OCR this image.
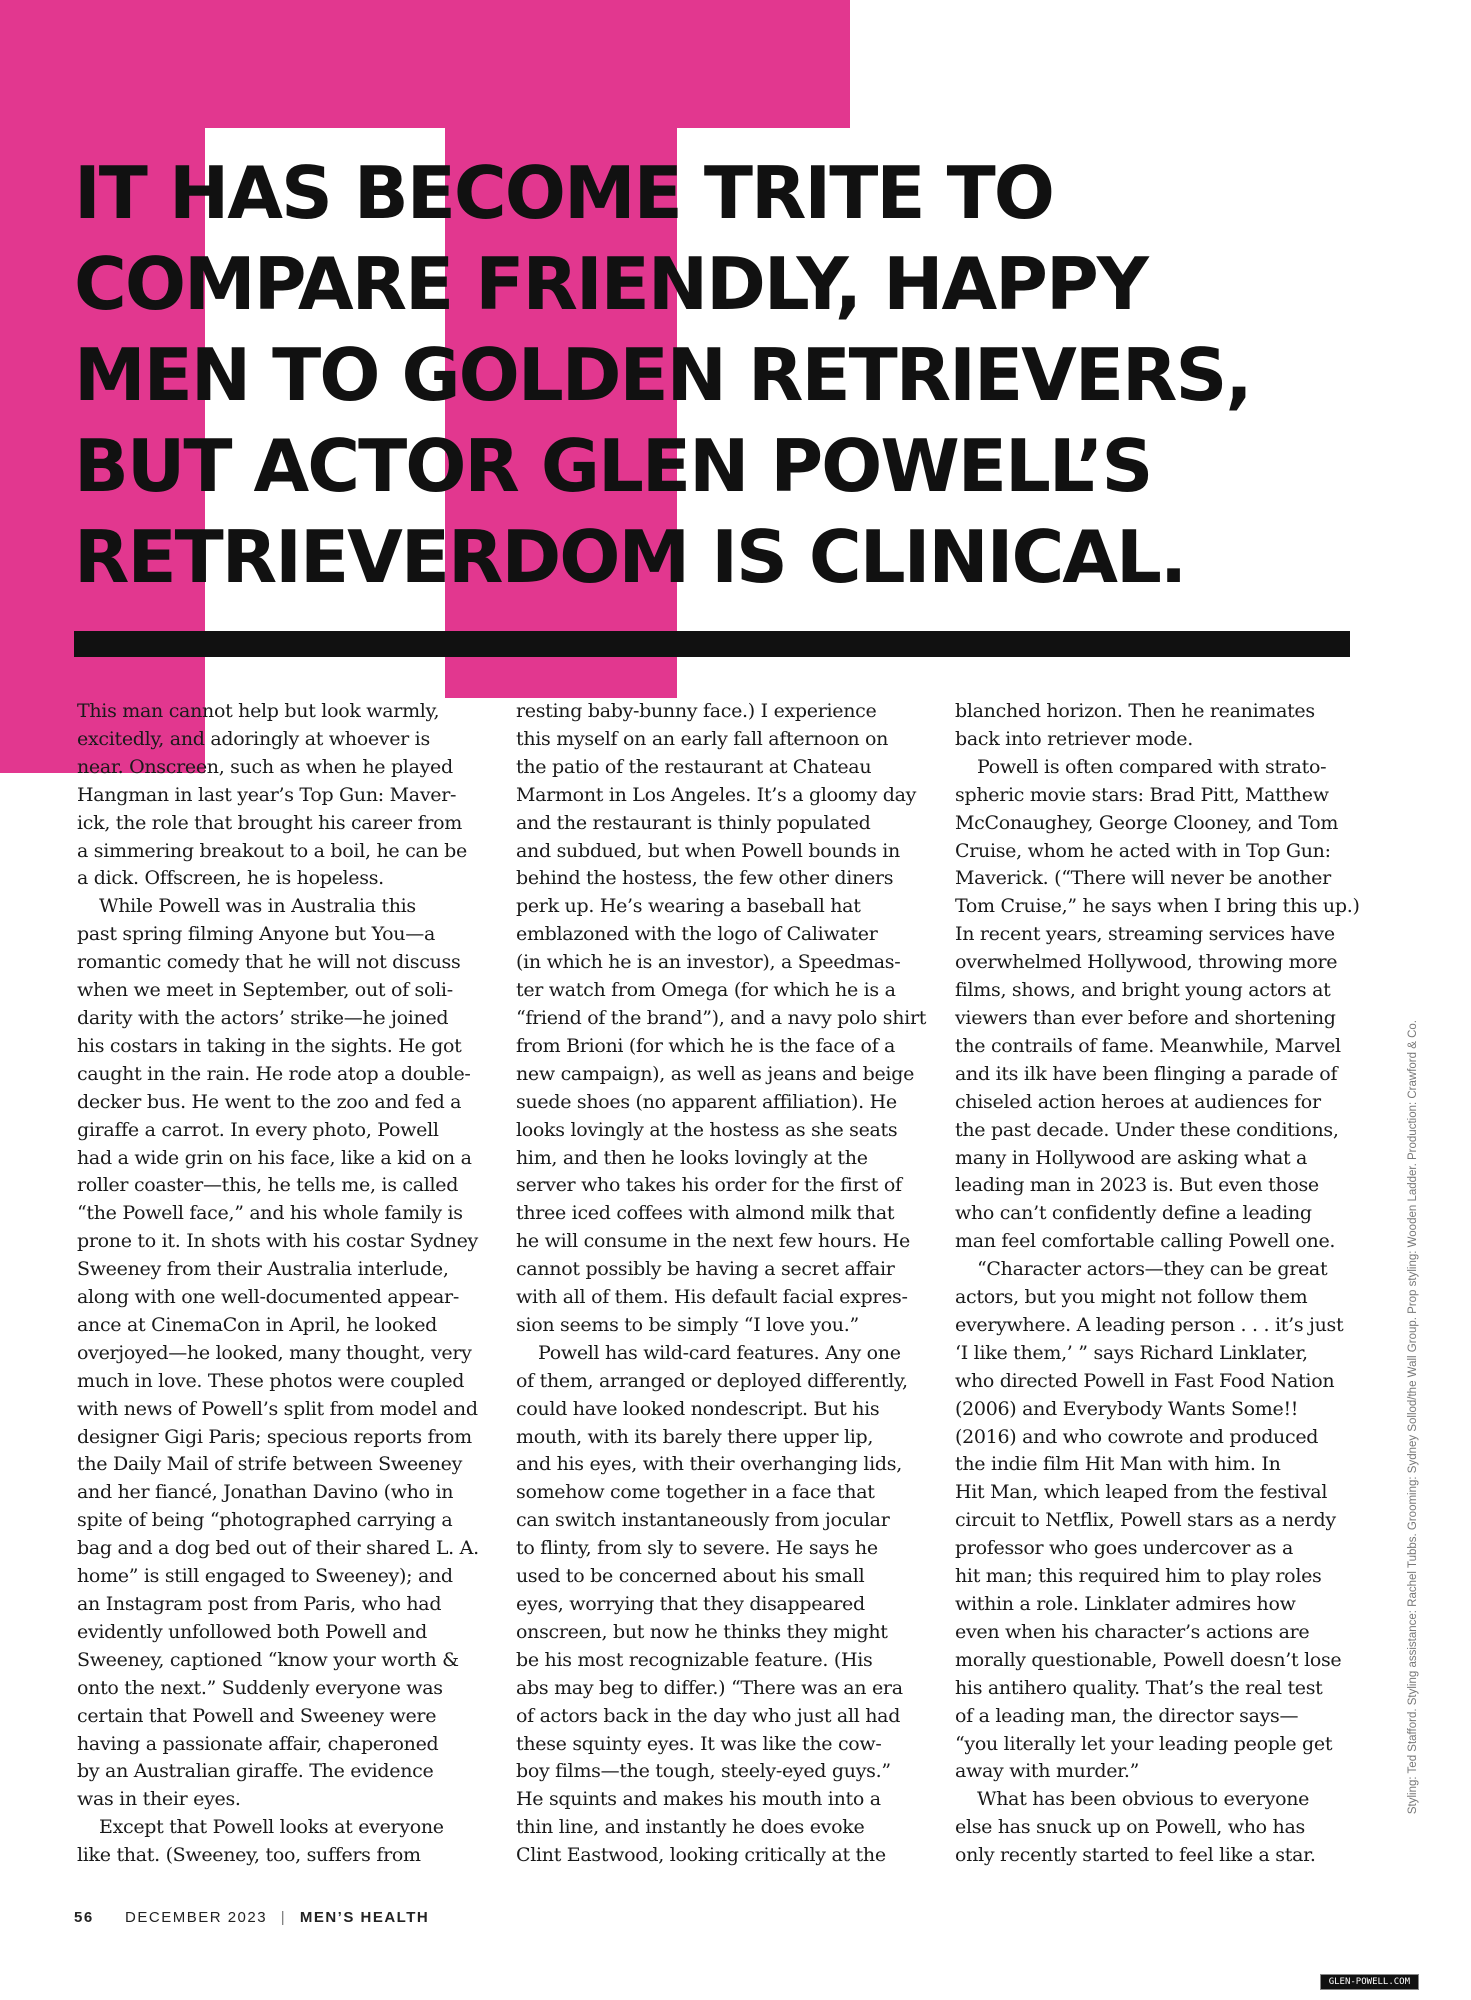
IT HAS BECOME TRITE TO
COMPARE FRIENDLY, HAPPY
MEN TO GOLDEN RETRIEVERS,
BUT ACTOR GLEN POWELL’S
RETRIEVERDOM IS CLINICAL.

This man cannot help but look warmly,

excitedly, and adoringly at whoever is

near. Onscreen, such as when he played

Hangman in last year’s Top Gun: Maver-

ick, the role that brought his career from

a simmering breakout to a boil, he can be

a dick. Offscreen, he is hopeless.

While Powell was in Australia this

past spring filming Anyone but You—a

romantic comedy that he will not discuss

when we meet in September, out of soli-

darity with the actors’ strike—he joined

his costars in taking in the sights. He got

caught in the rain. He rode atop a double-

decker bus. He went to the zoo and fed a

giraffe a carrot. In every photo, Powell

had a wide grin on his face, like a kid on a

roller coaster—this, he tells me, is called

“the Powell face,” and his whole family is

prone to it. In shots with his costar Sydney

Sweeney from their Australia interlude,

along with one well-documented appear-

ance at CinemaCon in April, he looked

overjoyed—he looked, many thought, very

much in love. These photos were coupled

with news of Powell’s split from model and

designer Gigi Paris; specious reports from

the Daily Mail of strife between Sweeney

and her fiancé, Jonathan Davino (who in

spite of being “photographed carrying a

bag and a dog bed out of their shared L. A.

home” is still engaged to Sweeney); and

an Instagram post from Paris, who had

evidently unfollowed both Powell and

Sweeney, captioned “know your worth &

onto the next.” Suddenly everyone was

certain that Powell and Sweeney were

having a passionate affair, chaperoned

by an Australian giraffe. The evidence

was in their eyes.

Except that Powell looks at everyone

like that. (Sweeney, too, suffers from

resting baby-bunny face.) I experience

this myself on an early fall afternoon on

the patio of the restaurant at Chateau

Marmont in Los Angeles. It’s a gloomy day

and the restaurant is thinly populated

and subdued, but when Powell bounds in

behind the hostess, the few other diners

perk up. He’s wearing a baseball hat

emblazoned with the logo of Caliwater

(in which he is an investor), a Speedmas-

ter watch from Omega (for which he is a

“friend of the brand”), and a navy polo shirt

from Brioni (for which he is the face of a

new campaign), as well as jeans and beige

suede shoes (no apparent affiliation). He

looks lovingly at the hostess as she seats

him, and then he looks lovingly at the

server who takes his order for the first of

three iced coffees with almond milk that

he will consume in the next few hours. He

cannot possibly be having a secret affair

with all of them. His default facial expres-

sion seems to be simply “I love you.”

Powell has wild-card features. Any one

of them, arranged or deployed differently,

could have looked nondescript. But his

mouth, with its barely there upper lip,

and his eyes, with their overhanging lids,

somehow come together in a face that

can switch instantaneously from jocular

to flinty, from sly to severe. He says he

used to be concerned about his small

eyes, worrying that they disappeared

onscreen, but now he thinks they might

be his most recognizable feature. (His

abs may beg to differ.) “There was an era

of actors back in the day who just all had

these squinty eyes. It was like the cow-

boy films—the tough, steely-eyed guys.”

He squints and makes his mouth into a

thin line, and instantly he does evoke

Clint Eastwood, looking critically at the

blanched horizon. Then he reanimates

back into retriever mode.

Powell is often compared with strato-

spheric movie stars: Brad Pitt, Matthew

McConaughey, George Clooney, and Tom

Cruise, whom he acted with in Top Gun:

Maverick. (“There will never be another

Tom Cruise,” he says when I bring this up.)

In recent years, streaming services have

overwhelmed Hollywood, throwing more

films, shows, and bright young actors at

viewers than ever before and shortening

the contrails of fame. Meanwhile, Marvel

and its ilk have been flinging a parade of

chiseled action heroes at audiences for

the past decade. Under these conditions,

many in Hollywood are asking what a

leading man in 2023 is. But even those

who can’t confidently define a leading

man feel comfortable calling Powell one.

“Character actors—they can be great

actors, but you might not follow them

everywhere. A leading person . . . it’s just

‘I like them,’ ” says Richard Linklater,

who directed Powell in Fast Food Nation

(2006) and Everybody Wants Some!!

(2016) and who cowrote and produced

the indie film Hit Man with him. In

Hit Man, which leaped from the festival

circuit to Netflix, Powell stars as a nerdy

professor who goes undercover as a

hit man; this required him to play roles

within a role. Linklater admires how

even when his character’s actions are

morally questionable, Powell doesn’t lose

his antihero quality. That’s the real test

of a leading man, the director says—

“you literally let your leading people get

away with murder.”

What has been obvious to everyone

else has snuck up on Powell, who has

only recently started to feel like a star.

Styling: Ted Stafford. Styling assistance: Rachel Tubbs. Grooming: Sydney Sollod/the Wall Group. Prop styling: Wooden Ladder. Production: Crawford & Co.
56 DECEMBER 2023 | MEN’S HEALTH
GLEN-POWELL.COM
